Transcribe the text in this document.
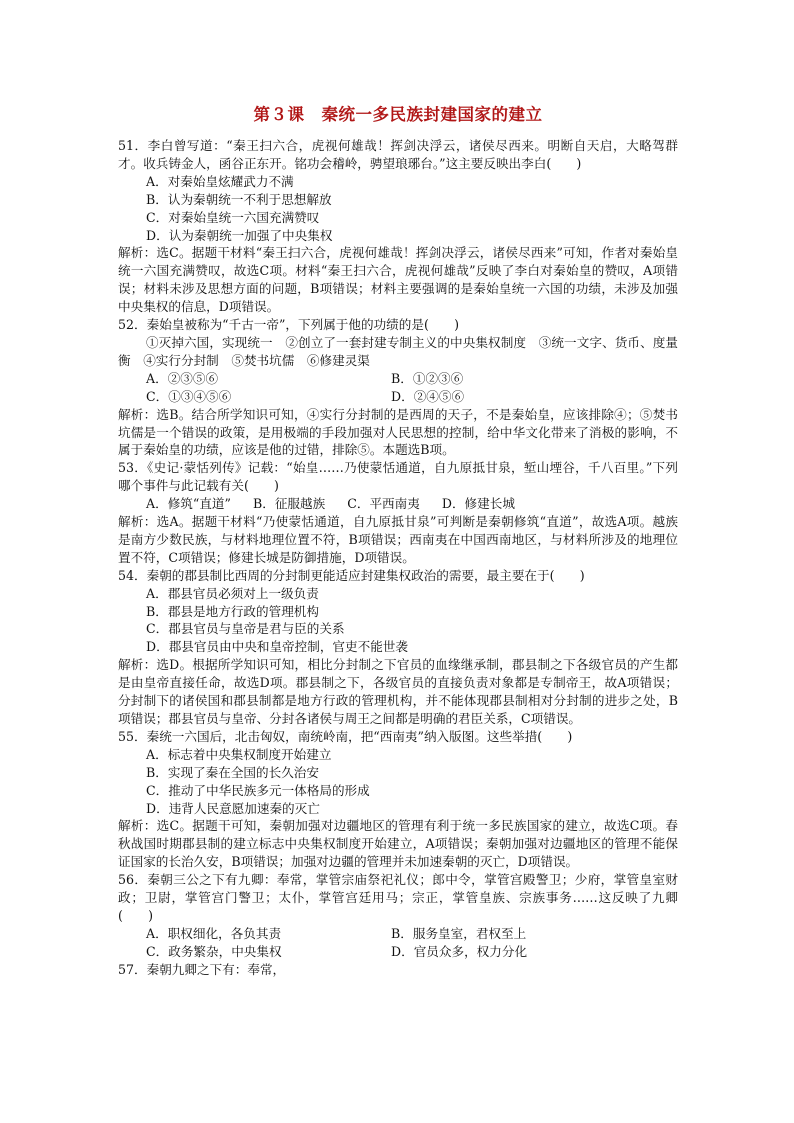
第３课　秦统一多民族封建国家的建立

51．李白曾写道：“秦王扫六合，虎视何雄哉！挥剑决浮云，诸侯尽西来。明断自天启，大略驾群才。收兵铸金人，函谷正东开。铭功会稽岭，骋望琅琊台。”这主要反映出李白(　　)

A．对秦始皇炫耀武力不满

B．认为秦朝统一不利于思想解放

C．对秦始皇统一六国充满赞叹

D．认为秦朝统一加强了中央集权

解析：选C。据题干材料“秦王扫六合，虎视何雄哉！挥剑决浮云，诸侯尽西来”可知，作者对秦始皇统一六国充满赞叹，故选C项。材料“秦王扫六合，虎视何雄哉”反映了李白对秦始皇的赞叹，A项错误；材料未涉及思想方面的问题，B项错误；材料主要强调的是秦始皇统一六国的功绩，未涉及加强中央集权的信息，D项错误。

52．秦始皇被称为“千古一帝”，下列属于他的功绩的是(　　)

①灭掉六国，实现统一　②创立了一套封建专制主义的中央集权制度　③统一文字、货币、度量衡　④实行分封制　⑤焚书坑儒　⑥修建灵渠

A．②③⑤⑥	B．①②③⑥
C．①③④⑤⑥	D．②④⑤⑥

解析：选B。结合所学知识可知，④实行分封制的是西周的天子，不是秦始皇，应该排除④；⑤焚书坑儒是一个错误的政策，是用极端的手段加强对人民思想的控制，给中华文化带来了消极的影响，不属于秦始皇的功绩，应该是他的过错，排除⑤。本题选B项。

53．《史记·蒙恬列传》记载：“始皇……乃使蒙恬通道，自九原抵甘泉，堑山堙谷，千八百里。”下列哪个事件与此记载有关(　　)

A．修筑“直道” B．征服越族 C．平西南夷 D．修建长城

解析：选A。据题干材料“乃使蒙恬通道，自九原抵甘泉”可判断是秦朝修筑“直道”，故选A项。越族是南方少数民族，与材料地理位置不符，B项错误；西南夷在中国西南地区，与材料所涉及的地理位置不符，C项错误；修建长城是防御措施，D项错误。

54．秦朝的郡县制比西周的分封制更能适应封建集权政治的需要，最主要在于(　　)

A．郡县官员必须对上一级负责

B．郡县是地方行政的管理机构

C．郡县官员与皇帝是君与臣的关系

D．郡县官员由中央和皇帝控制，官吏不能世袭

解析：选D。根据所学知识可知，相比分封制之下官员的血缘继承制，郡县制之下各级官员的产生都是由皇帝直接任命，故选D项。郡县制之下，各级官员的直接负责对象都是专制帝王，故A项错误；分封制下的诸侯国和郡县制都是地方行政的管理机构，并不能体现郡县制相对分封制的进步之处，B项错误；郡县官员与皇帝、分封各诸侯与周王之间都是明确的君臣关系，C项错误。

55．秦统一六国后，北击匈奴，南统岭南，把“西南夷”纳入版图。这些举措(　　)

A．标志着中央集权制度开始建立

B．实现了秦在全国的长久治安

C．推动了中华民族多元一体格局的形成

D．违背人民意愿加速秦的灭亡

解析：选C。据题干可知，秦朝加强对边疆地区的管理有利于统一多民族国家的建立，故选C项。春秋战国时期郡县制的建立标志中央集权制度开始建立，A项错误；秦朝加强对边疆地区的管理不能保证国家的长治久安，B项错误；加强对边疆的管理并未加速秦朝的灭亡，D项错误。

56．秦朝三公之下有九卿：奉常，掌管宗庙祭祀礼仪；郎中令，掌管宫殿警卫；少府，掌管皇室财政；卫尉，掌管宫门警卫；太仆，掌管宫廷用马；宗正，掌管皇族、宗族事务……这反映了九卿(　　)

A．职权细化，各负其责	B．服务皇室，君权至上
C．政务繁杂，中央集权	D．官员众多，权力分化

57．秦朝九卿之下有：奉常，
